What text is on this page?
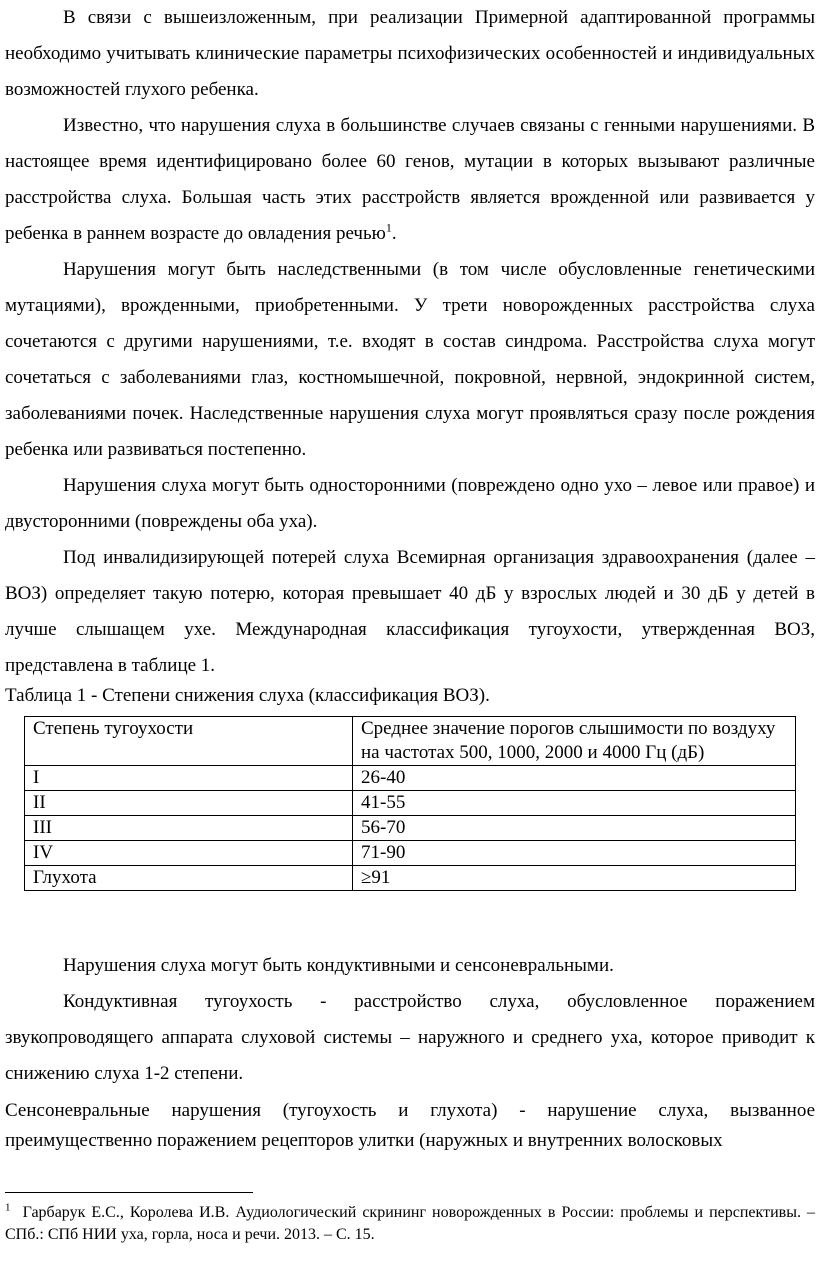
В связи с вышеизложенным, при реализации Примерной адаптированной программы необходимо учитывать клинические параметры психофизических особенностей и индивидуальных возможностей глухого ребенка.

Известно, что нарушения слуха в большинстве случаев связаны с генными нарушениями. В настоящее время идентифицировано более 60 генов, мутации в которых вызывают различные расстройства слуха. Большая часть этих расстройств является врожденной или развивается у ребенка в раннем возрасте до овладения речью$^1$.

Нарушения могут быть наследственными (в том числе обусловленные генетическими мутациями), врожденными, приобретенными. У трети новорожденных расстройства слуха сочетаются с другими нарушениями, т.е. входят в состав синдрома. Расстройства слуха могут сочетаться с заболеваниями глаз, костномышечной, покровной, нервной, эндокринной систем, заболеваниями почек. Наследственные нарушения слуха могут проявляться сразу после рождения ребенка или развиваться постепенно.

Нарушения слуха могут быть односторонними (повреждено одно ухо – левое или правое) и двусторонними (повреждены оба уха).

Под инвалидизирующей потерей слуха Всемирная организация здравоохранения (далее – ВОЗ) определяет такую потерю, которая превышает 40 дБ у взрослых людей и 30 дБ у детей в лучше слышащем ухе. Международная классификация тугоухости, утвержденная ВОЗ, представлена в таблице 1.

Таблица 1 - Степени снижения слуха (классификация ВОЗ).
Степень тугоухости	Среднее значение порогов слышимости по воздуху на частотах 500, 1000, 2000 и 4000 Гц (дБ)
I	26-40
II	41-55
III	56-70
IV	71-90
Глухота	≥91

Нарушения слуха могут быть кондуктивными и сенсоневральными.

Кондуктивная тугоухость - расстройство слуха, обусловленное поражением звукопроводящего аппарата слуховой системы – наружного и среднего уха, которое приводит к снижению слуха 1-2 степени.

Сенсоневральные нарушения (тугоухость и глухота) - нарушение слуха, вызванное преимущественно поражением рецепторов улитки (наружных и внутренних волосковых

$^1$ Гарбарук Е.С., Королева И.В. Аудиологический скрининг новорожденных в России: проблемы и перспективы. – СПб.: СПб НИИ уха, горла, носа и речи. 2013. – С. 15.
